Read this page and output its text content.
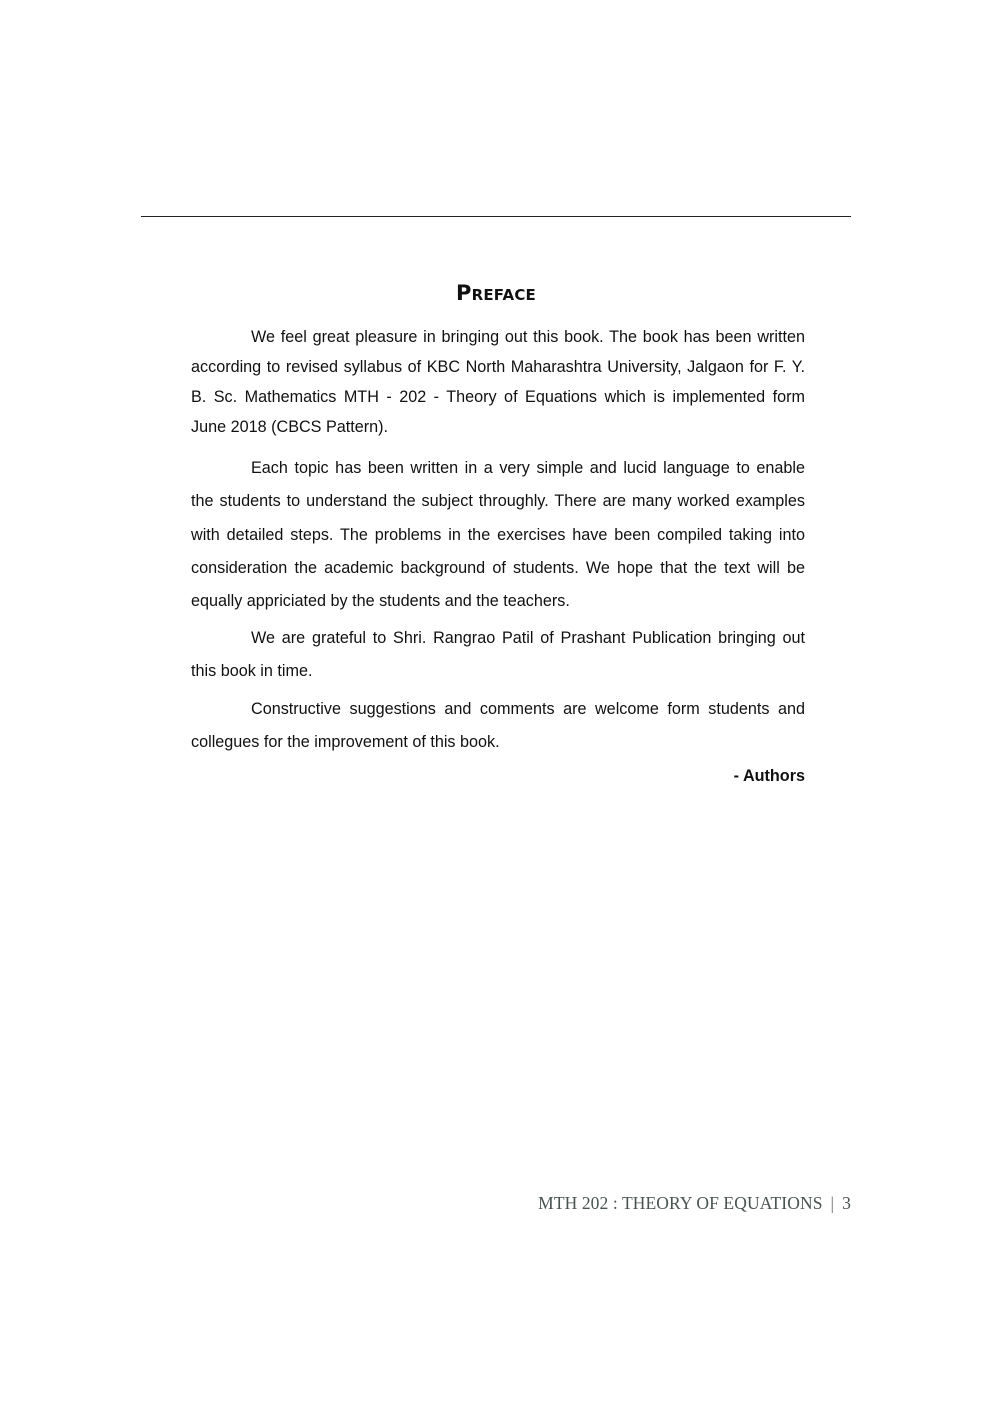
Preface

We feel great pleasure in bringing out this book. The book has been written according to revised syllabus of KBC North Maharashtra University, Jalgaon for F. Y. B. Sc. Mathematics MTH - 202 - Theory of Equations which is implemented form June 2018 (CBCS Pattern).

Each topic has been written in a very simple and lucid language to enable the students to understand the subject throughly. There are many worked examples with detailed steps. The problems in the exercises have been compiled taking into consideration the academic background of students. We hope that the text will be equally appriciated by the students and the teachers.

We are grateful to Shri. Rangrao Patil of Prashant Publication bringing out this book in time.

Constructive suggestions and comments are welcome form students and collegues for the improvement of this book.

- Authors

MTH 202 : THEORY OF EQUATIONS | 3
